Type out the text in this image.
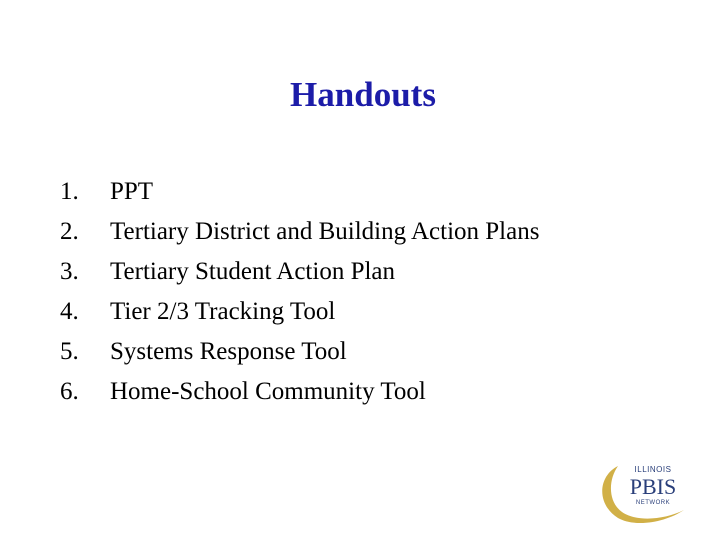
Handouts
1.	PPT
2.	Tertiary District and Building Action Plans
3.	Tertiary Student Action Plan
4.	Tier 2/3 Tracking Tool
5.	Systems Response Tool
6.	Home-School Community Tool
ILLINOIS
PBIS
NETWORK
